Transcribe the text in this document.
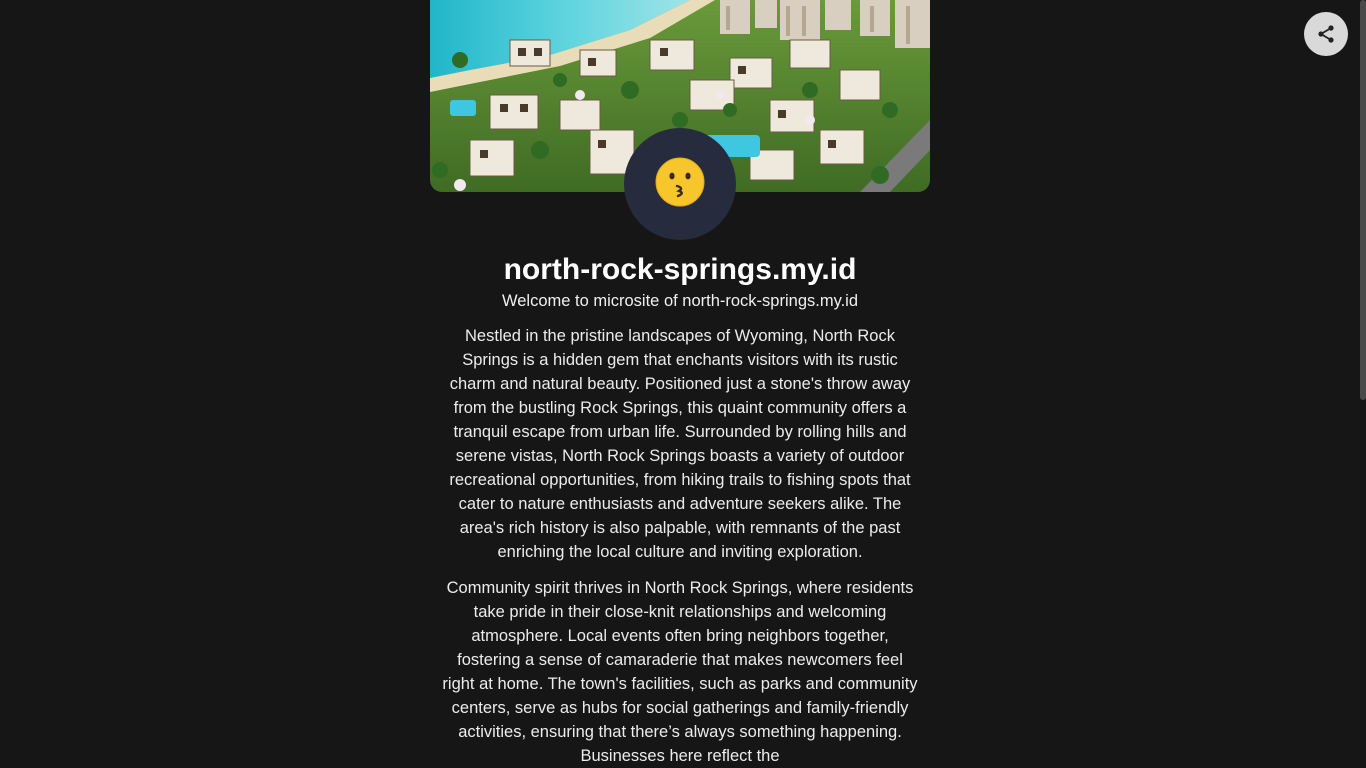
north-rock-springs.my.id
Welcome to microsite of north-rock-springs.my.id

Nestled in the pristine landscapes of Wyoming, North Rock Springs is a hidden gem that enchants visitors with its rustic charm and natural beauty. Positioned just a stone's throw away from the bustling Rock Springs, this quaint community offers a tranquil escape from urban life. Surrounded by rolling hills and serene vistas, North Rock Springs boasts a variety of outdoor recreational opportunities, from hiking trails to fishing spots that cater to nature enthusiasts and adventure seekers alike. The area's rich history is also palpable, with remnants of the past enriching the local culture and inviting exploration.

Community spirit thrives in North Rock Springs, where residents take pride in their close-knit relationships and welcoming atmosphere. Local events often bring neighbors together, fostering a sense of camaraderie that makes newcomers feel right at home. The town's facilities, such as parks and community centers, serve as hubs for social gatherings and family-friendly activities, ensuring that there’s always something happening. Businesses here reflect the
